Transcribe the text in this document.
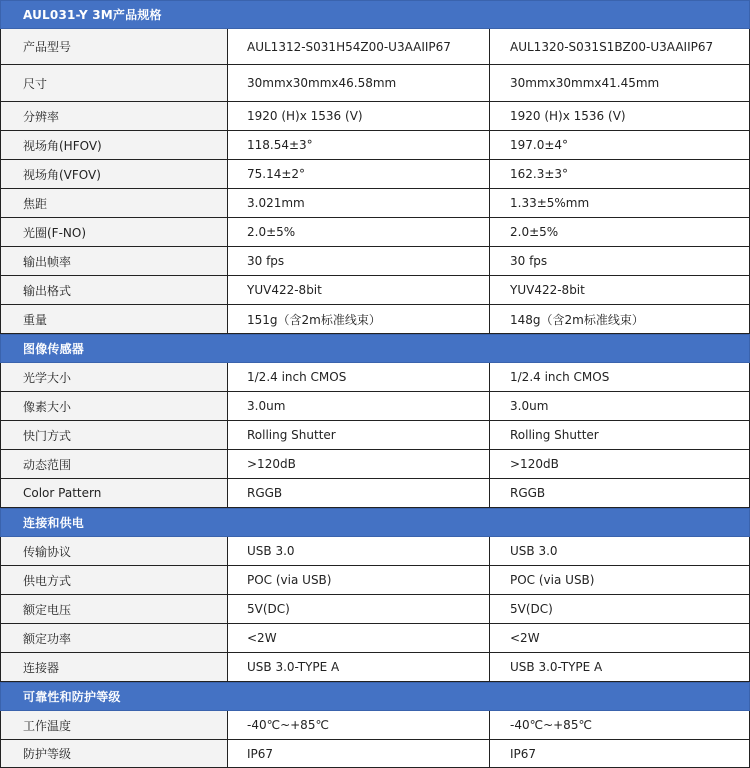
AUL031-Y 3M产品规格
产品型号	AUL1312-S031H54Z00-U3AAIIP67	AUL1320-S031S1BZ00-U3AAIIP67
尺寸	30mmx30mmx46.58mm	30mmx30mmx41.45mm
分辨率	1920 (H)x 1536 (V)	1920 (H)x 1536 (V)
视场角(HFOV)	118.54±3°	197.0±4°
视场角(VFOV)	75.14±2°	162.3±3°
焦距	3.021mm	1.33±5%mm
光圈(F-NO)	2.0±5%	2.0±5%
输出帧率	30 fps	30 fps
输出格式	YUV422-8bit	YUV422-8bit
重量	151g（含2m标准线束）	148g（含2m标准线束）
图像传感器
光学大小	1/2.4 inch CMOS	1/2.4 inch CMOS
像素大小	3.0um	3.0um
快门方式	Rolling Shutter	Rolling Shutter
动态范围	>120dB	>120dB
Color Pattern	RGGB	RGGB
连接和供电
传输协议	USB 3.0	USB 3.0
供电方式	POC (via USB)	POC (via USB)
额定电压	5V(DC)	5V(DC)
额定功率	<2W	<2W
连接器	USB 3.0-TYPE A	USB 3.0-TYPE A
可靠性和防护等级
工作温度	-40℃~+85℃	-40℃~+85℃
防护等级	IP67	IP67
